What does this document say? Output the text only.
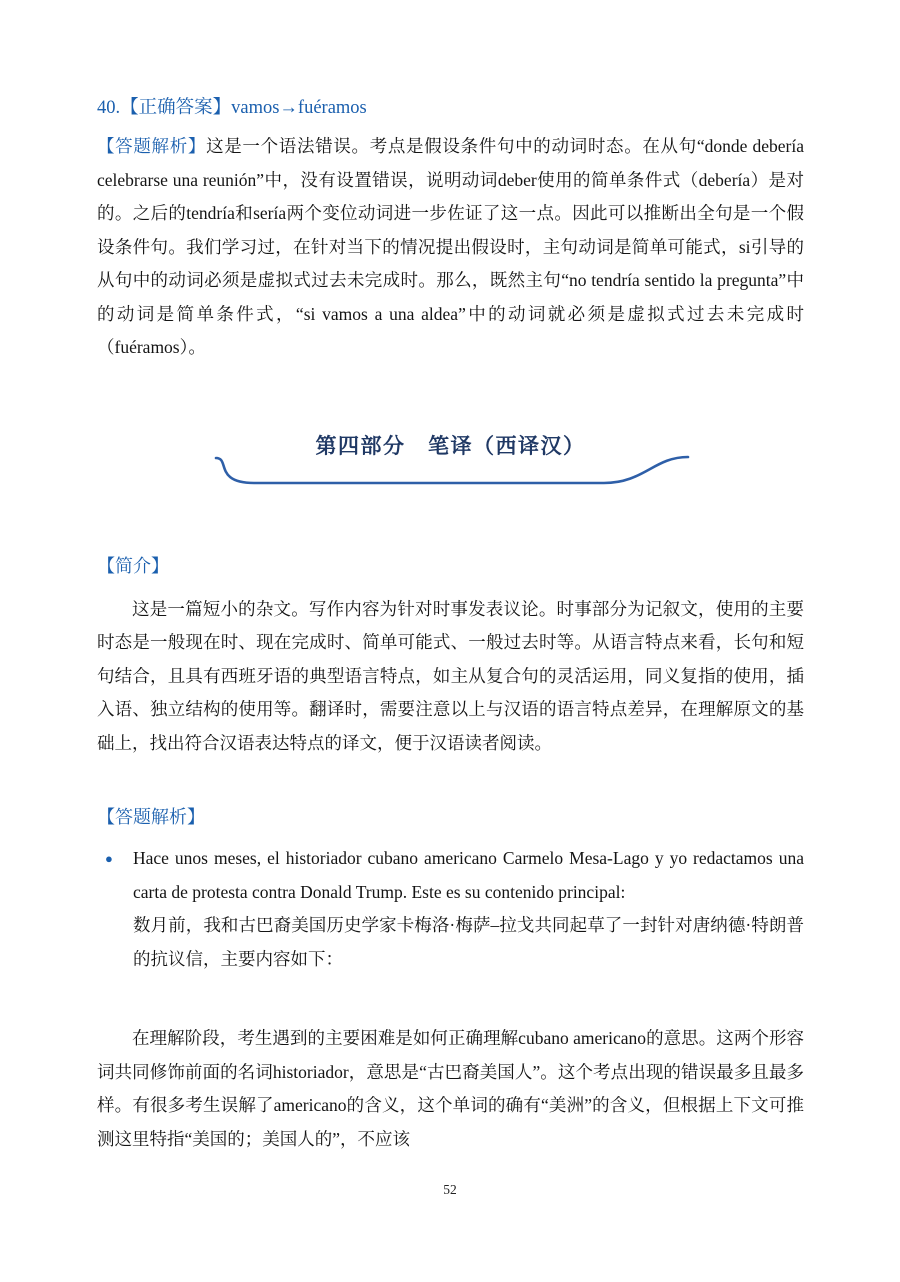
40.【正确答案】vamos→fuéramos

【答题解析】这是一个语法错误。考点是假设条件句中的动词时态。在从句“donde debería celebrarse una reunión”中，没有设置错误，说明动词deber使用的简单条件式（debería）是对的。之后的tendría和sería两个变位动词进一步佐证了这一点。因此可以推断出全句是一个假设条件句。我们学习过，在针对当下的情况提出假设时，主句动词是简单可能式，si引导的从句中的动词必须是虚拟式过去未完成时。那么，既然主句“no tendría sentido la pregunta”中的动词是简单条件式，“si vamos a una aldea”中的动词就必须是虚拟式过去未完成时（fuéramos）。

第四部分　笔译（西译汉）

【简介】

这是一篇短小的杂文。写作内容为针对时事发表议论。时事部分为记叙文，使用的主要时态是一般现在时、现在完成时、简单可能式、一般过去时等。从语言特点来看，长句和短句结合，且具有西班牙语的典型语言特点，如主从复合句的灵活运用，同义复指的使用，插入语、独立结构的使用等。翻译时，需要注意以上与汉语的语言特点差异，在理解原文的基础上，找出符合汉语表达特点的译文，便于汉语读者阅读。

【答题解析】

●	Hace unos meses, el historiador cubano americano Carmelo Mesa-Lago y yo redactamos una carta de protesta contra Donald Trump. Este es su contenido principal:

数月前，我和古巴裔美国历史学家卡梅洛·梅萨–拉戈共同起草了一封针对唐纳德·特朗普的抗议信，主要内容如下：

在理解阶段，考生遇到的主要困难是如何正确理解cubano americano的意思。这两个形容词共同修饰前面的名词historiador，意思是“古巴裔美国人”。这个考点出现的错误最多且最多样。有很多考生误解了americano的含义，这个单词的确有“美洲”的含义，但根据上下文可推测这里特指“美国的；美国人的”，不应该

52
